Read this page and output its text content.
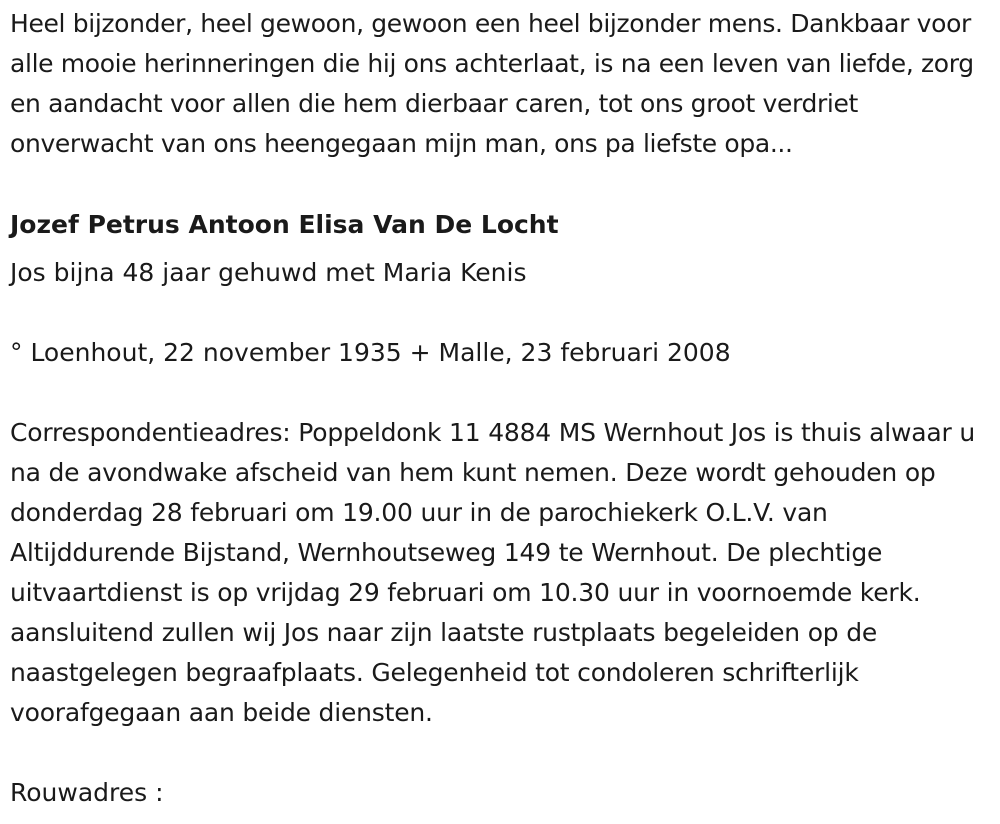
Heel bijzonder, heel gewoon, gewoon een heel bijzonder mens. Dankbaar voor alle mooie herinneringen die hij ons achterlaat, is na een leven van liefde, zorg en aandacht voor allen die hem dierbaar caren, tot ons groot verdriet onverwacht van ons heengegaan mijn man, ons pa liefste opa...
Jozef Petrus Antoon Elisa Van De Locht
Jos bijna 48 jaar gehuwd met Maria Kenis
° Loenhout, 22 november 1935 + Malle, 23 februari 2008
Correspondentieadres: Poppeldonk 11 4884 MS Wernhout Jos is thuis alwaar u na de avondwake afscheid van hem kunt nemen. Deze wordt gehouden op donderdag 28 februari om 19.00 uur in de parochiekerk O.L.V. van Altijddurende Bijstand, Wernhoutseweg 149 te Wernhout. De plechtige uitvaartdienst is op vrijdag 29 februari om 10.30 uur in voornoemde kerk. aansluitend zullen wij Jos naar zijn laatste rustplaats begeleiden op de naastgelegen begraafplaats. Gelegenheid tot condoleren schrifterlijk voorafgegaan aan beide diensten.
Rouwadres :
